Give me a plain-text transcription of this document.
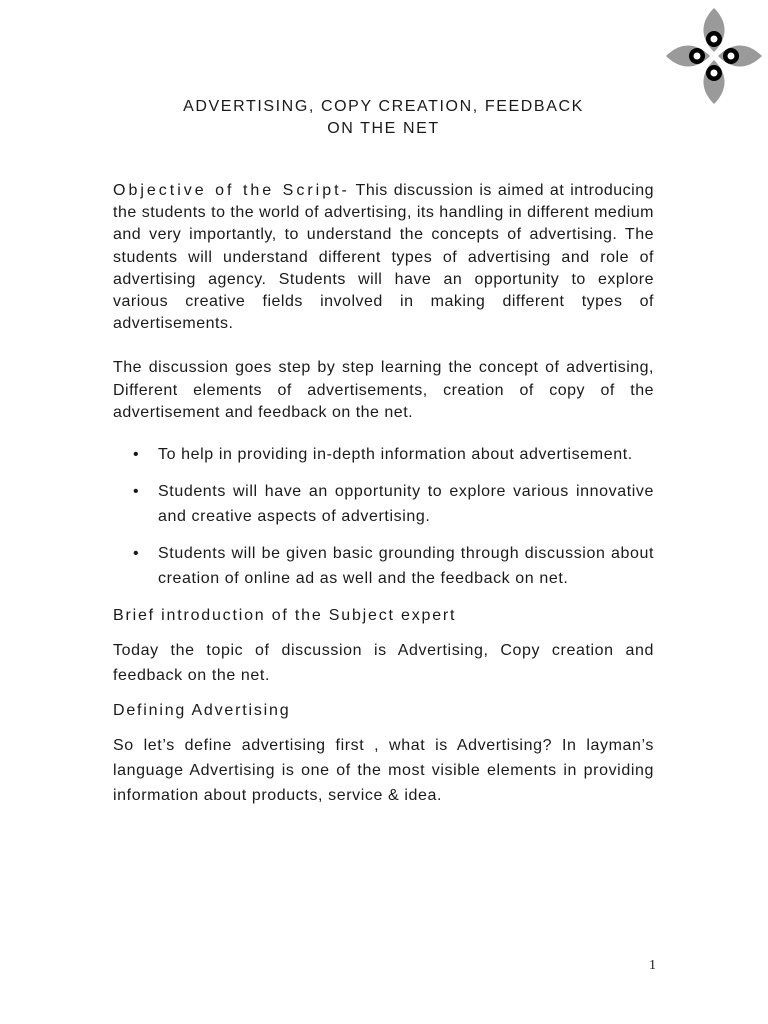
ADVERTISING, COPY CREATION, FEEDBACK
ON THE NET

Objective of the Script- This discussion is aimed at introducing the students to the world of advertising, its handling in different medium and very importantly, to understand the concepts of advertising. The students will understand different types of advertising and role of advertising agency. Students will have an opportunity to explore various creative fields involved in making different types of advertisements.

The discussion goes step by step learning the concept of advertising, Different elements of advertisements, creation of copy of the advertisement and feedback on the net.

• To help in providing in-depth information about advertisement.
• Students will have an opportunity to explore various innovative and creative aspects of advertising.
• Students will be given basic grounding through discussion about creation of online ad as well and the feedback on net.
Brief introduction of the Subject expert

Today the topic of discussion is Advertising, Copy creation and feedback on the net.

Defining Advertising

So let’s define advertising first , what is Advertising? In layman’s language Advertising is one of the most visible elements in providing information about products, service & idea.

1
